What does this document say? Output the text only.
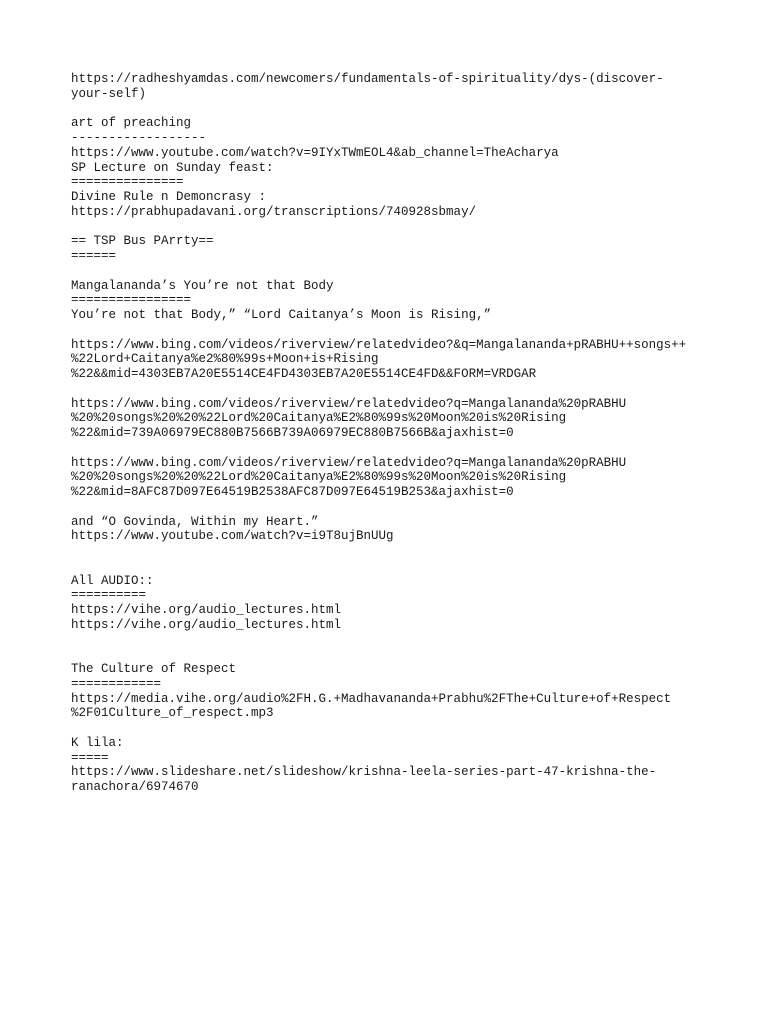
https://radheshyamdas.com/newcomers/fundamentals-of-spirituality/dys-(discover-
your-self)
art of preaching
------------------
https://www.youtube.com/watch?v=9IYxTWmEOL4&ab_channel=TheAcharya
SP Lecture on Sunday feast:
===============
Divine Rule n Demoncrasy :
https://prabhupadavani.org/transcriptions/740928sbmay/
== TSP Bus PArrty==
======
Mangalananda’s You’re not that Body
================
You’re not that Body,” “Lord Caitanya’s Moon is Rising,”
https://www.bing.com/videos/riverview/relatedvideo?&q=Mangalananda+pRABHU++songs++
%22Lord+Caitanya%e2%80%99s+Moon+is+Rising
%22&&mid=4303EB7A20E5514CE4FD4303EB7A20E5514CE4FD&&FORM=VRDGAR
https://www.bing.com/videos/riverview/relatedvideo?q=Mangalananda%20pRABHU
%20%20songs%20%20%22Lord%20Caitanya%E2%80%99s%20Moon%20is%20Rising
%22&mid=739A06979EC880B7566B739A06979EC880B7566B&ajaxhist=0
https://www.bing.com/videos/riverview/relatedvideo?q=Mangalananda%20pRABHU
%20%20songs%20%20%22Lord%20Caitanya%E2%80%99s%20Moon%20is%20Rising
%22&mid=8AFC87D097E64519B2538AFC87D097E64519B253&ajaxhist=0
and “O Govinda, Within my Heart.”
https://www.youtube.com/watch?v=i9T8ujBnUUg
All AUDIO::
==========
https://vihe.org/audio_lectures.html
https://vihe.org/audio_lectures.html
The Culture of Respect
============
https://media.vihe.org/audio%2FH.G.+Madhavananda+Prabhu%2FThe+Culture+of+Respect
%2F01Culture_of_respect.mp3
K lila:
=====
https://www.slideshare.net/slideshow/krishna-leela-series-part-47-krishna-the-
ranachora/6974670
